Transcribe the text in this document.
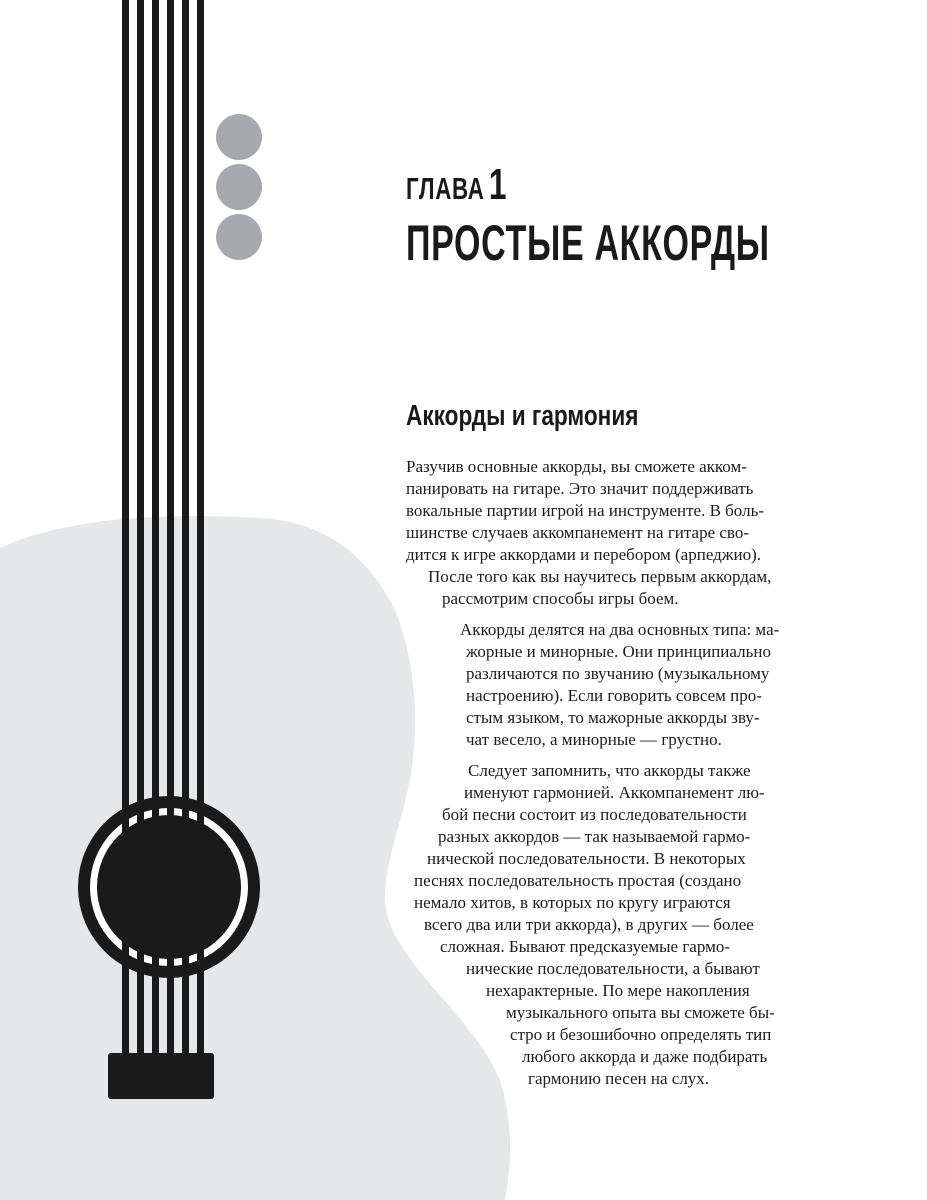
ГЛАВА1
ПРОСТЫЕ АККОРДЫ
Аккорды и гармония
Разучив основные аккорды, вы сможете акком-
панировать на гитаре. Это значит поддерживать
вокальные партии игрой на инструменте. В боль-
шинстве случаев аккомпанемент на гитаре сво-
дится к игре аккордами и перебором (арпеджио).
После того как вы научитесь первым аккордам,
рассмотрим способы игры боем.
Аккорды делятся на два основных типа: ма-
жорные и минорные. Они принципиально
различаются по звучанию (музыкальному
настроению). Если говорить совсем про-
стым языком, то мажорные аккорды зву-
чат весело, а минорные — грустно.
Следует запомнить, что аккорды также
именуют гармонией. Аккомпанемент лю-
бой песни состоит из последовательности
разных аккордов — так называемой гармо-
нической последовательности. В некоторых
песнях последовательность простая (создано
немало хитов, в которых по кругу играются
всего два или три аккорда), в других — более
сложная. Бывают предсказуемые гармо-
нические последовательности, а бывают
нехарактерные. По мере накопления
музыкального опыта вы сможете бы-
стро и безошибочно определять тип
любого аккорда и даже подбирать
гармонию песен на слух.
